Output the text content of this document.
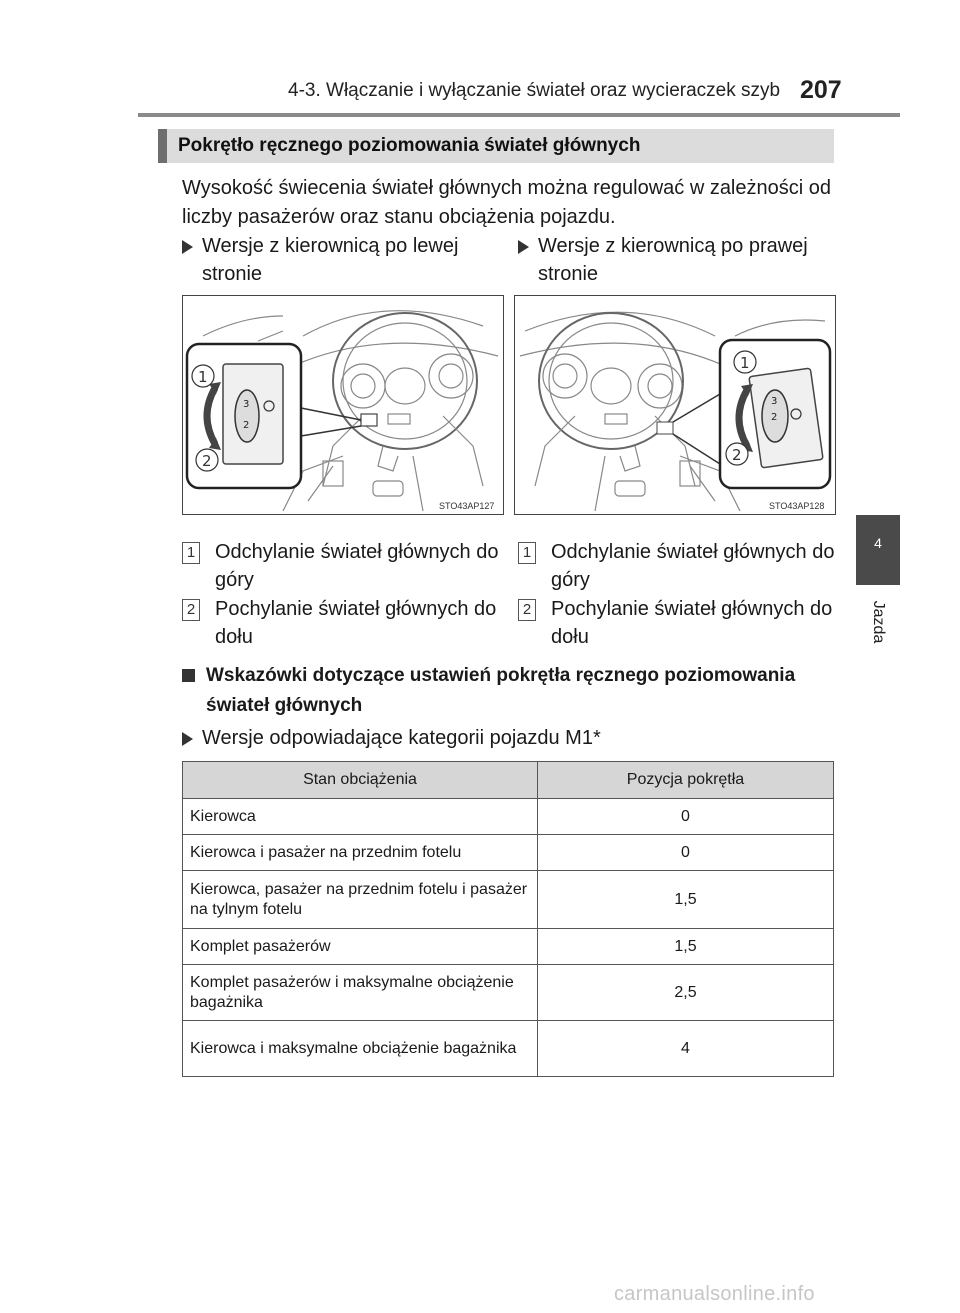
4-3. Włączanie i wyłączanie świateł oraz wycieraczek szyb 207
Pokrętło ręcznego poziomowania świateł głównych
Wysokość świecenia świateł głównych można regulować w zależności od liczby pasażerów oraz stanu obciążenia pojazdu.
Wersje z kierownicą po lewej stronie
Wersje z kierownicą po prawej stronie
3
2
1
2
STO43AP127
3
2
1
2
STO43AP128
1 Odchylanie świateł głównych do góry
2 Pochylanie świateł głównych do dołu
1 Odchylanie świateł głównych do góry
2 Pochylanie świateł głównych do dołu
Wskazówki dotyczące ustawień pokrętła ręcznego poziomowania świateł głównych
Wersje odpowiadające kategorii pojazdu M1*
Stan obciążenia	Pozycja pokrętła
Kierowca	0
Kierowca i pasażer na przednim fotelu	0
Kierowca, pasażer na przednim fotelu i pasażer na tylnym fotelu	1,5
Komplet pasażerów	1,5
Komplet pasażerów i maksymalne obciążenie bagażnika	2,5
Kierowca i maksymalne obciążenie bagażnika	4
4
Jazda
carmanualsonline.info
